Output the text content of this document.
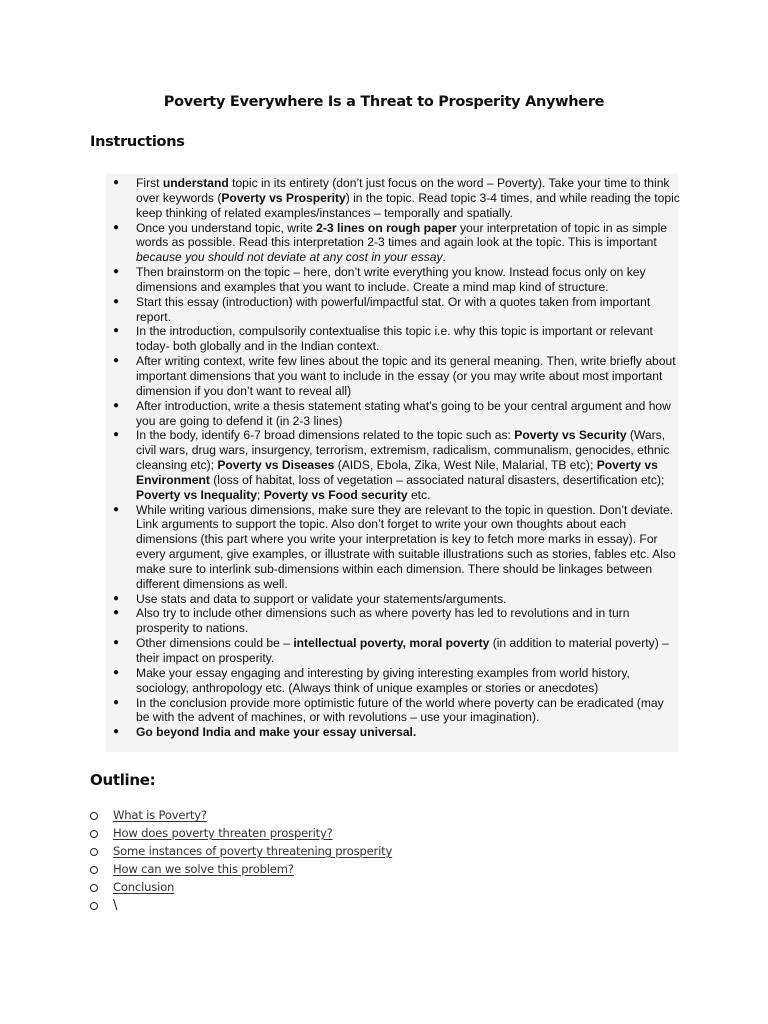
Poverty Everywhere Is a Threat to Prosperity Anywhere
Instructions
● First understand topic in its entirety (don’t just focus on the word – Poverty). Take your time to think over keywords (Poverty vs Prosperity) in the topic. Read topic 3-4 times, and while reading the topic keep thinking of related examples/instances – temporally and spatially.
● Once you understand topic, write 2-3 lines on rough paper your interpretation of topic in as simple words as possible. Read this interpretation 2-3 times and again look at the topic. This is important because you should not deviate at any cost in your essay.
● Then brainstorm on the topic – here, don’t write everything you know. Instead focus only on key dimensions and examples that you want to include. Create a mind map kind of structure.
● Start this essay (introduction) with powerful/impactful stat. Or with a quotes taken from important report.
● In the introduction, compulsorily contextualise this topic i.e. why this topic is important or relevant today- both globally and in the Indian context.
● After writing context, write few lines about the topic and its general meaning. Then, write briefly about important dimensions that you want to include in the essay (or you may write about most important dimension if you don’t want to reveal all)
● After introduction, write a thesis statement stating what’s going to be your central argument and how you are going to defend it (in 2-3 lines)
● In the body, identify 6-7 broad dimensions related to the topic such as: Poverty vs Security (Wars, civil wars, drug wars, insurgency, terrorism, extremism, radicalism, communalism, genocides, ethnic cleansing etc); Poverty vs Diseases (AIDS, Ebola, Zika, West Nile, Malarial, TB etc); Poverty vs Environment (loss of habitat, loss of vegetation – associated natural disasters, desertification etc); Poverty vs Inequality; Poverty vs Food security etc.
● While writing various dimensions, make sure they are relevant to the topic in question. Don’t deviate. Link arguments to support the topic. Also don’t forget to write your own thoughts about each dimensions (this part where you write your interpretation is key to fetch more marks in essay). For every argument, give examples, or illustrate with suitable illustrations such as stories, fables etc. Also make sure to interlink sub-dimensions within each dimension. There should be linkages between different dimensions as well.
● Use stats and data to support or validate your statements/arguments.
● Also try to include other dimensions such as where poverty has led to revolutions and in turn prosperity to nations.
● Other dimensions could be – intellectual poverty, moral poverty (in addition to material poverty) – their impact on prosperity.
● Make your essay engaging and interesting by giving interesting examples from world history, sociology, anthropology etc. (Always think of unique examples or stories or anecdotes)
● In the conclusion provide more optimistic future of the world where poverty can be eradicated (may be with the advent of machines, or with revolutions – use your imagination).
● Go beyond India and make your essay universal.
Outline:
What is Poverty?
How does poverty threaten prosperity?
Some instances of poverty threatening prosperity
How can we solve this problem?
Conclusion
\
